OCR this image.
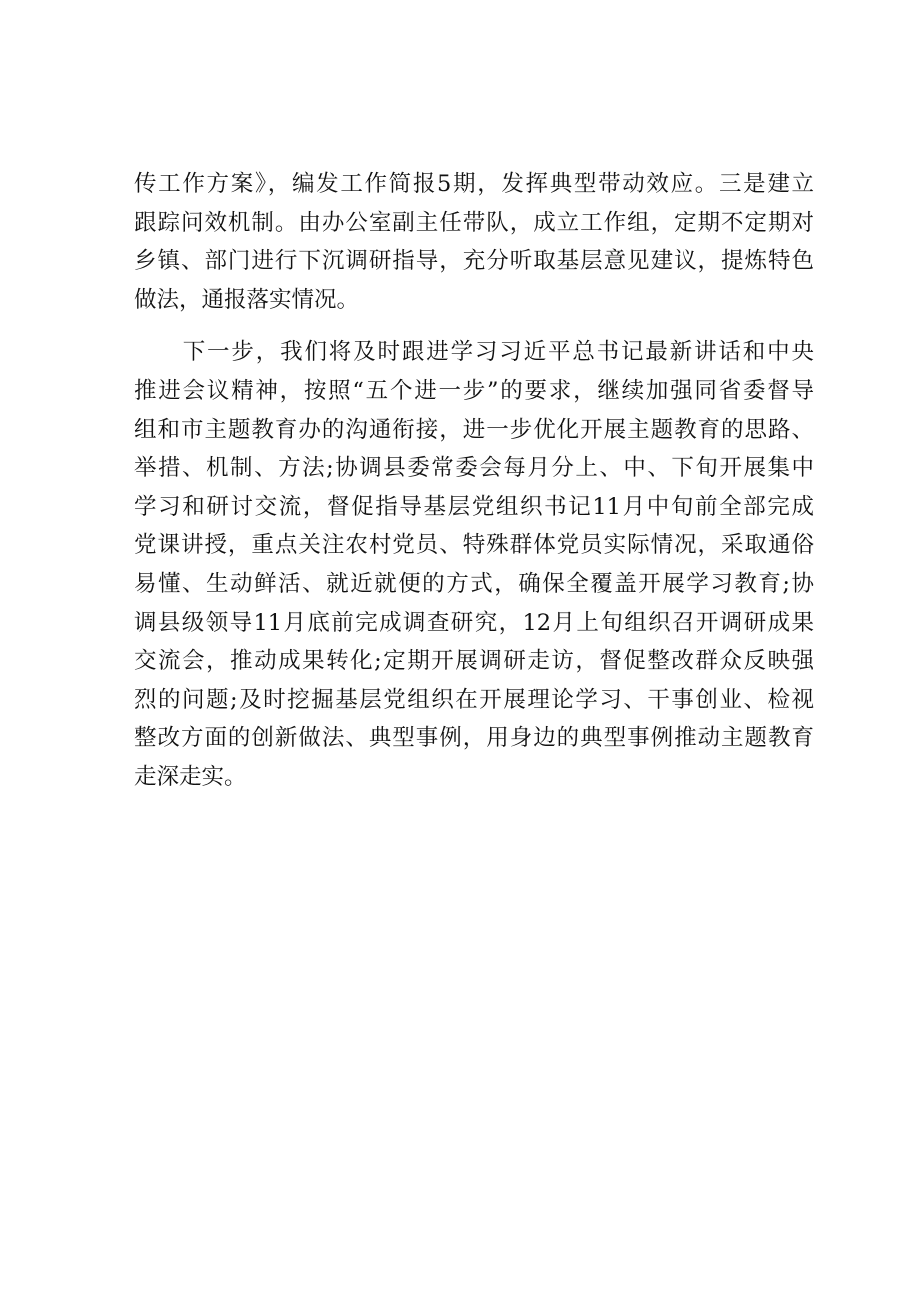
传工作方案》，编发工作简报5期，发挥典型带动效应。三是建立
跟踪问效机制。由办公室副主任带队，成立工作组，定期不定期对
乡镇、部门进行下沉调研指导，充分听取基层意见建议，提炼特色
做法，通报落实情况。
　　下一步，我们将及时跟进学习习近平总书记最新讲话和中央
推进会议精神，按照“五个进一步”的要求，继续加强同省委督导
组和市主题教育办的沟通衔接，进一步优化开展主题教育的思路、
举措、机制、方法;协调县委常委会每月分上、中、下旬开展集中
学习和研讨交流，督促指导基层党组织书记11月中旬前全部完成
党课讲授，重点关注农村党员、特殊群体党员实际情况，采取通俗
易懂、生动鲜活、就近就便的方式，确保全覆盖开展学习教育;协
调县级领导11月底前完成调查研究，12月上旬组织召开调研成果
交流会，推动成果转化;定期开展调研走访，督促整改群众反映强
烈的问题;及时挖掘基层党组织在开展理论学习、干事创业、检视
整改方面的创新做法、典型事例，用身边的典型事例推动主题教育
走深走实。
